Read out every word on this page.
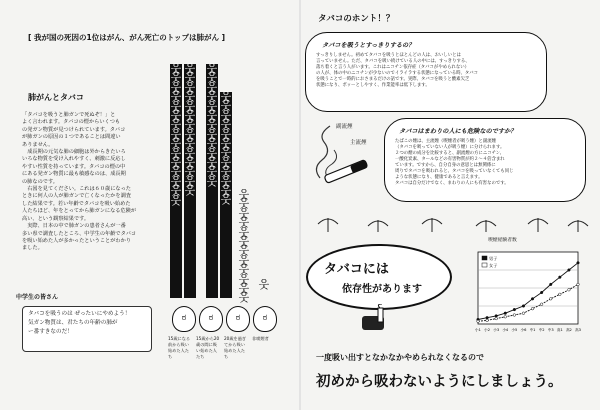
[ 我が国の死因の1位はがん、がん死亡のトップは肺がん ]
肺がんとタバコ
「タバコを吸うと肺ガンで死ぬぞ！」と
よく言われます。タバコの煙からいくつも
の発ガン物質が見つけられています。タバコ
が肺ガンの原因の１つであることは間違い
ありません。
　成長期の元気な肺の細胞は外からきたいろ
いろな物質を受け入れやすく、刺激に反応し
やすい性質を持っています。タバコの煙の中
にある発ガン物質に最も敏感なのは、成長期
の肺なのです。
　右図を見てください。これは６０歳になった
ときに何人の人が肺ガンで亡くなったかを調査
した結果です。若い年齢でタバコを吸い始めた
人たちほど、年をとってから肺ガンになる危険が
高い、という観察結果です。
　実際、日本の中で肺ガンの患者さんが一番
多い県で調査したところ、中学生の年齢でタバコ
を吸い始めた人が多かったということがわかり
ました。
中学生の皆さん
タバコを吸うのは ぜったいにやめよう！
気ガン物質は、君たちの年齢の肺が
ー番すきなのだ！
웃
웃
웃
웃
웃
웃
웃
웃
웃
웃
웃
웃
웃
웃
웃
웃
웃
웃
웃
웃
웃
웃
웃
웃
웃
웃
웃
웃
웃
웃
웃
웃
웃
웃
웃
웃
웃
웃
웃
웃
웃
웃
웃
웃
웃
웃
웃
웃
웃
웃
웃
웃
웃
웃 웃
웃
웃
웃
웃
웃
웃
웃
웃
웃
웃
웃
웃
ಠ	ಠ	ಠ	ಠ
15歳になる前から吸い始めた人たち
15歳から20歳の間に吸い始めた人たち
20歳を過ぎてから吸い始めた人たち
非喫煙者
タバコのホント！？
タバコを吸うとすっきりするの？
すっきりしません。初めてタバコを吸うとほとんどの人は、おいしいとは
言っていません。ただ、タバコを吸い続けている人の中には、すっきりする、
落ち着くと言う人がいます。これはニコチン依存症（タバコがやめられない）
の人が、体の中のニコチンが少ないのでイライラする状態になっている時、タバコ
を吸うことで一時的におさまるだけの話です。実際、タバコを吸うと酸素欠乏
状態になり、ボッーとしやすく、作業能率は低下します。
副流煙
主流煙
タバコはまわりの人にも危険なのですか？
たばこの煙は、主流煙（喫煙者が吸う煙）と副流煙
（タバコを吸っていない人が吸う煙）に分けられます。
２つの煙の成分を比較すると、副流煙の方にニコチン、
一酸化炭素、タールなどの有害物質が約２～４倍含まれ
ています。ですから、自分自身の意思とは無関係に
周りでタバコを吸われると、タバコを吸っていなくても同じ
ような状態になり、健康であると言えます。
タバコは自分だけでなく、まわりの人にも有害なのです。
タバコには
依存性があります
喫煙経験者数
小1 小2 小3 小4 小5 小6 中1 中2 中3 高1 高2 高3
男子
女子
一度吸い出すとなかなかやめられなくなるので
初めから吸わないようにしましょう。
